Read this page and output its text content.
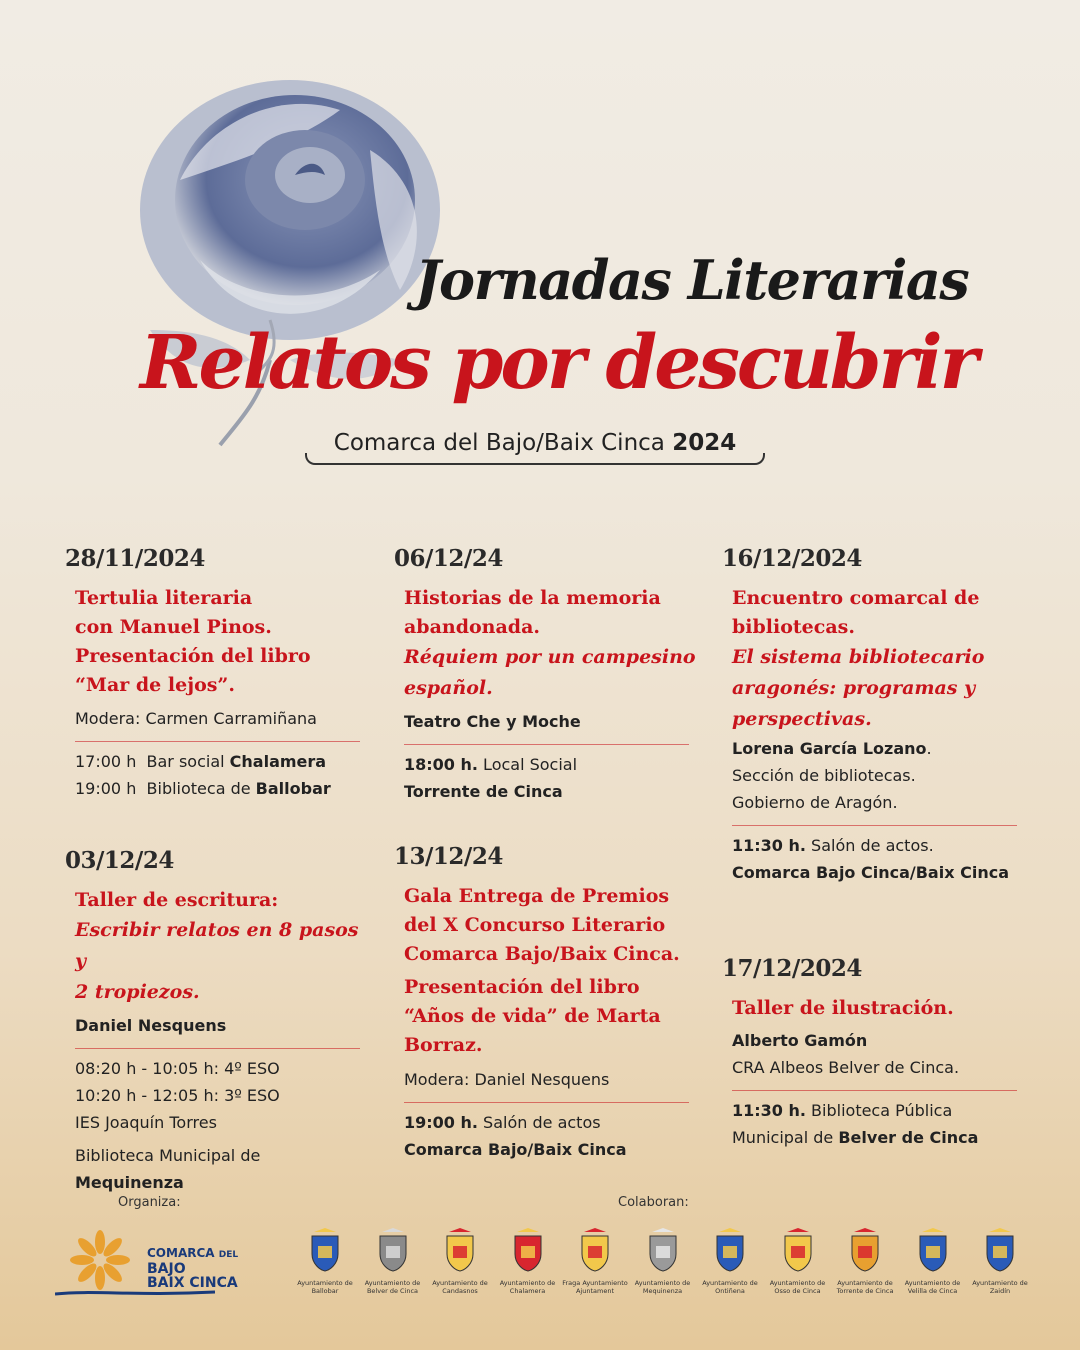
Jornadas Literarias
Relatos por descubrir
Comarca del Bajo/Baix Cinca 2024
28/11/2024
Tertulia literaria
con Manuel Pinos.
Presentación del libro
“Mar de lejos”.
Modera: Carmen Carramiñana
17:00 h Bar social Chalamera
19:00 h Biblioteca de Ballobar
03/12/24
Taller de escritura:
Escribir relatos en 8 pasos y
2 tropiezos.
Daniel Nesquens
08:20 h - 10:05 h: 4º ESO
10:20 h - 12:05 h: 3º ESO
IES Joaquín Torres
Biblioteca Municipal de
Mequinenza
06/12/24
Historias de la memoria
abandonada.
Réquiem por un campesino
español.
Teatro Che y Moche
18:00 h. Local Social
Torrente de Cinca
13/12/24
Gala Entrega de Premios
del X Concurso Literario
Comarca Bajo/Baix Cinca.
Presentación del libro
“Años de vida” de Marta
Borraz.
Modera: Daniel Nesquens
19:00 h. Salón de actos
Comarca Bajo/Baix Cinca
16/12/2024
Encuentro comarcal de
bibliotecas.
El sistema bibliotecario
aragonés: programas y
perspectivas.
Lorena García Lozano.
Sección de bibliotecas.
Gobierno de Aragón.
11:30 h. Salón de actos.
Comarca Bajo Cinca/Baix Cinca
17/12/2024
Taller de ilustración.
Alberto Gamón
CRA Albeos Belver de Cinca.
11:30 h. Biblioteca Pública
Municipal de Belver de Cinca
Organiza:	Colaboran:
COMARCA DEL
BAJO
BAIX CINCA	Ayuntamiento de Ballobar
Ayuntamiento de Belver de Cinca
Ayuntamiento de Candasnos
Ayuntamiento de Chalamera
Fraga Ayuntamiento Ajuntament
Ayuntamiento de Mequinenza
Ayuntamiento de Ontiñena
Ayuntamiento de Osso de Cinca
Ayuntamiento de Torrente de Cinca
Ayuntamiento de Velilla de Cinca
Ayuntamiento de Zaidín
